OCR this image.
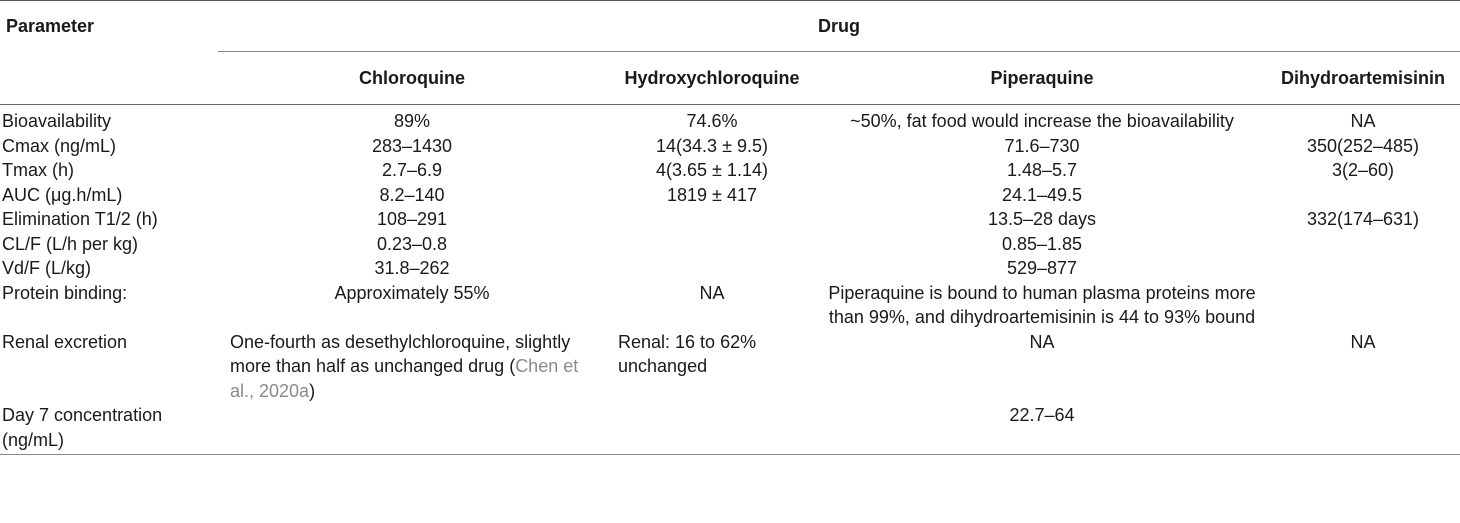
Parameter	Drug			
	Chloroquine	Hydroxychloroquine	Piperaquine	Dihydroartemisinin
Bioavailability	89%	74.6%	~50%, fat food would increase the bioavailability	NA
Cmax (ng/mL)	283–1430	14(34.3 ± 9.5)	71.6–730	350(252–485)
Tmax (h)	2.7–6.9	4(3.65 ± 1.14)	1.48–5.7	3(2–60)
AUC (μg.h/mL)	8.2–140	1819 ± 417	24.1–49.5	
Elimination T1/2 (h)	108–291		13.5–28 days	332(174–631)
CL/F (L/h per kg)	0.23–0.8		0.85–1.85	
Vd/F (L/kg)	31.8–262		529–877	
Protein binding:	Approximately 55%	NA	Piperaquine is bound to human plasma proteins more than 99%, and dihydroartemisinin is 44 to 93% bound	
Renal excretion	One-fourth as desethylchloroquine, slightly more than half as unchanged drug (Chen et al., 2020a)	Renal: 16 to 62% unchanged	NA	NA
Day 7 concentration (ng/mL)			22.7–64	
